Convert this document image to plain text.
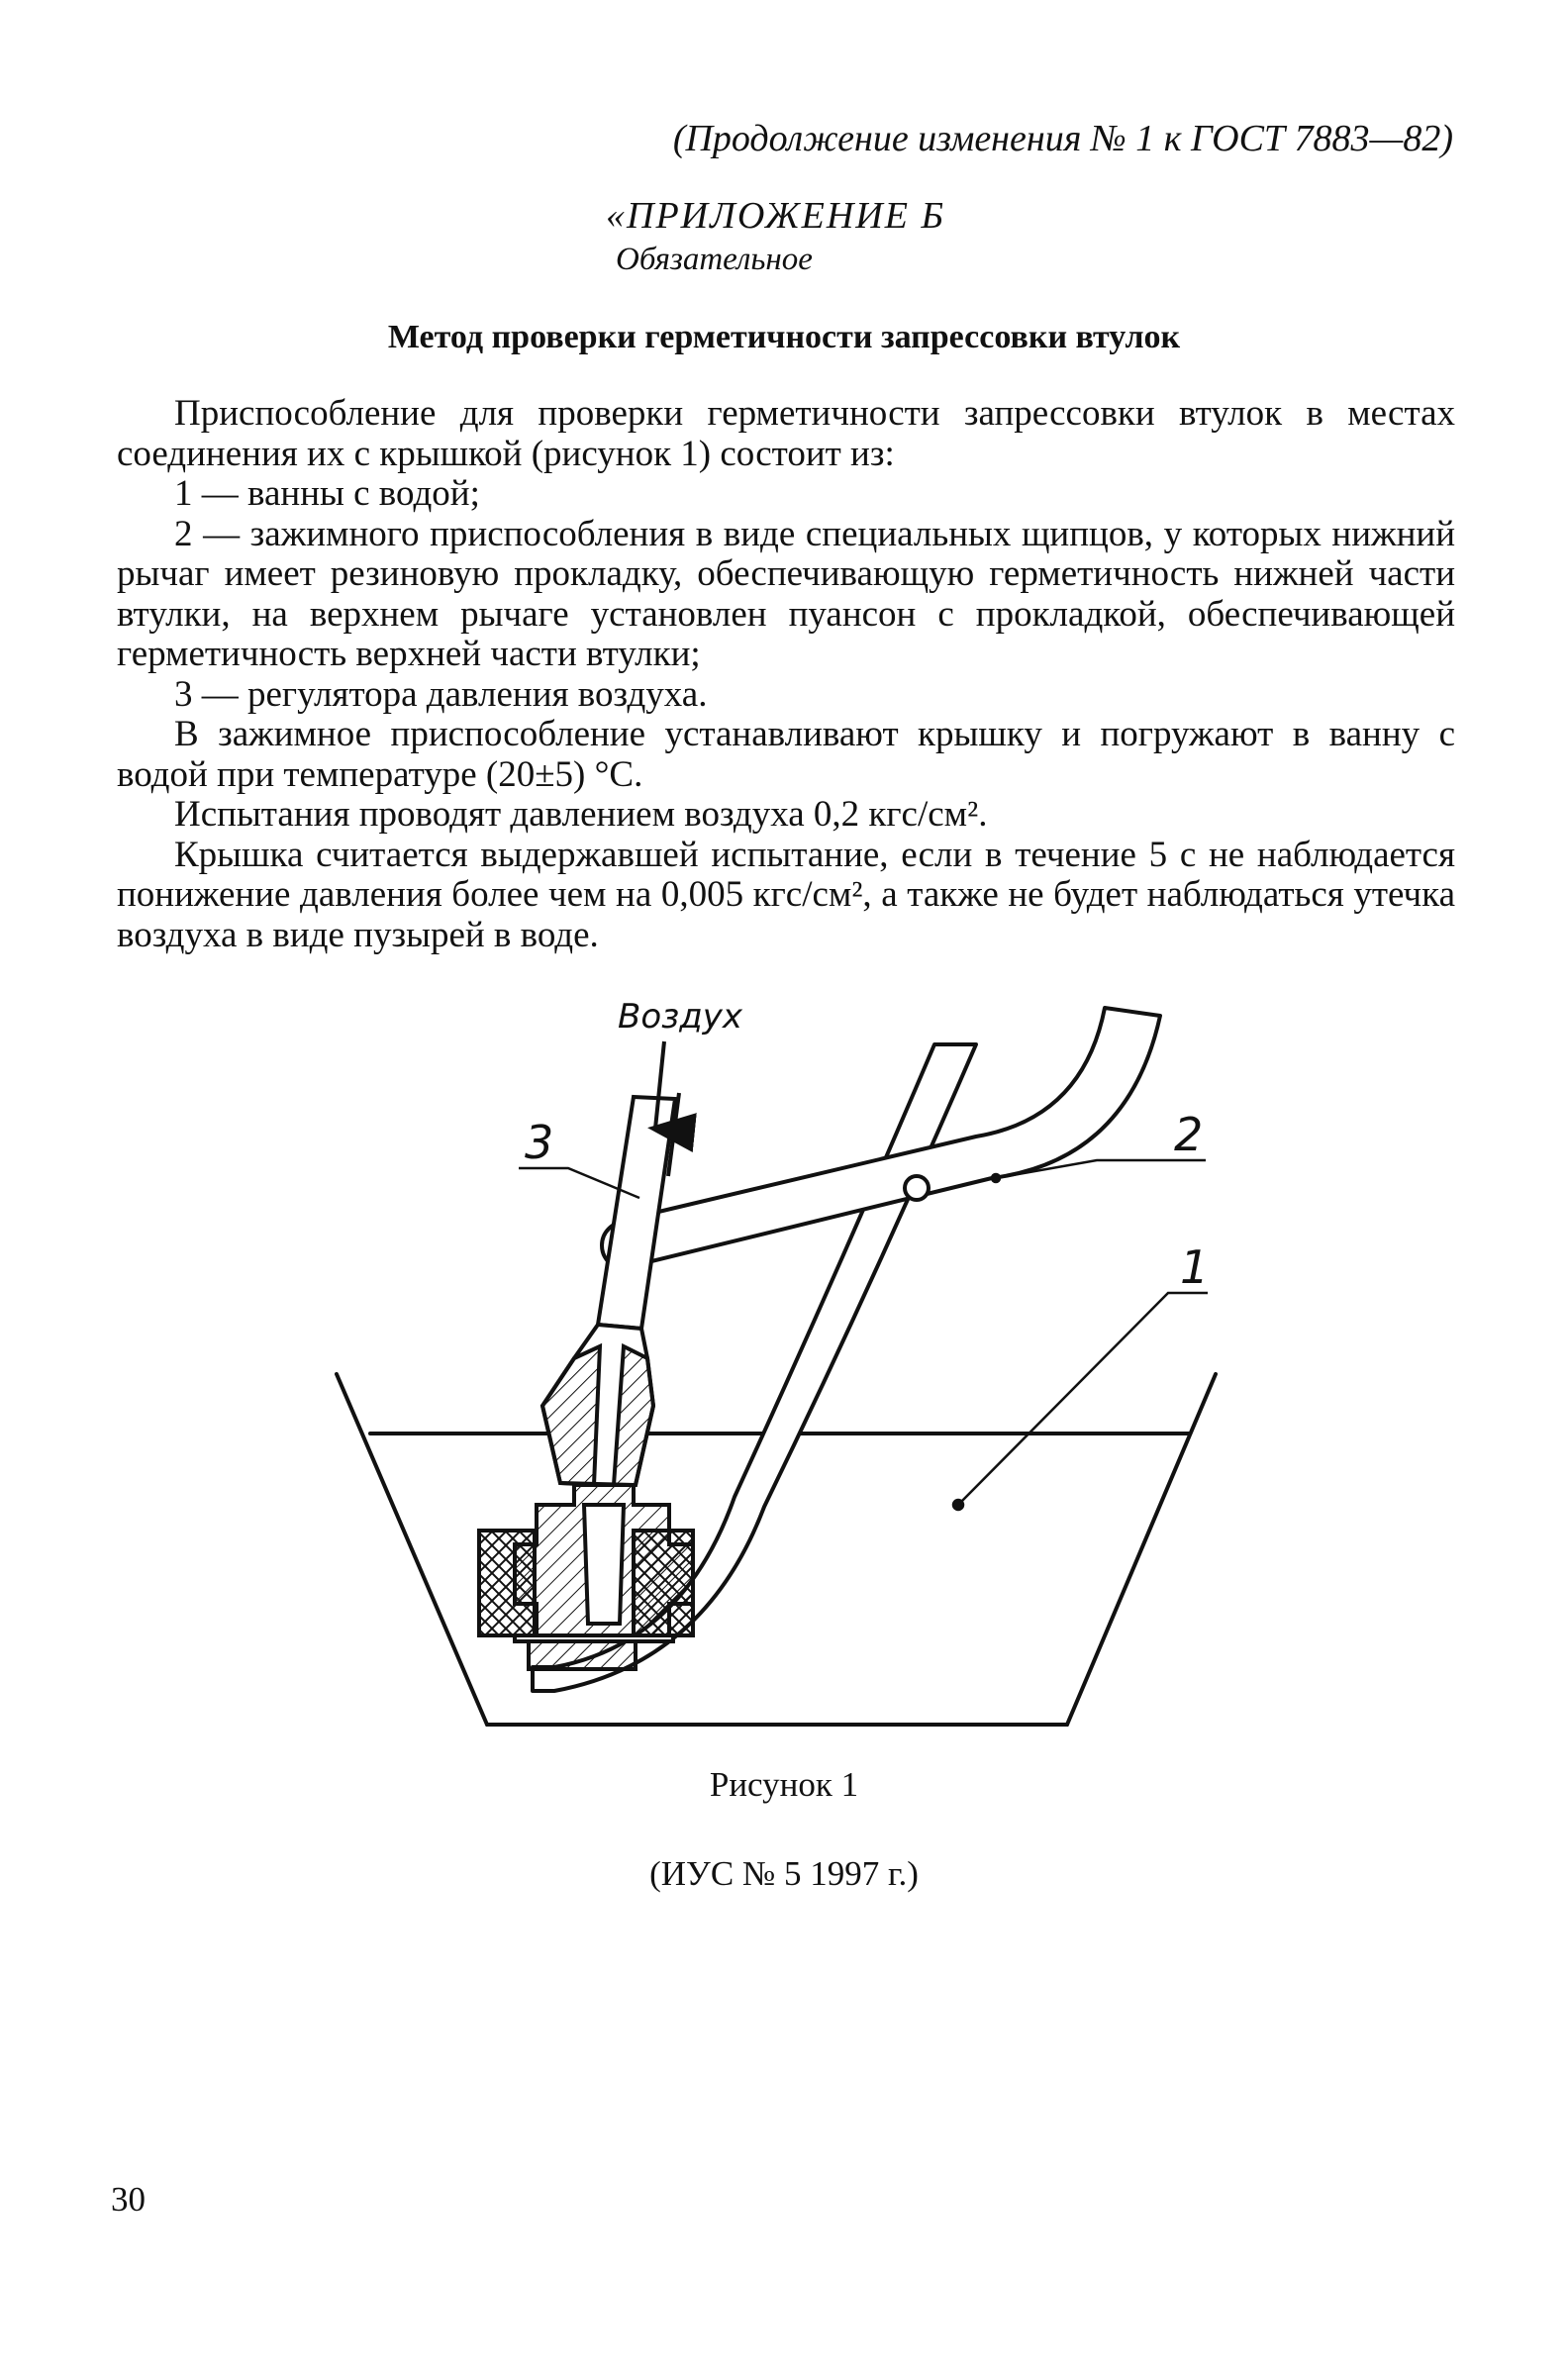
(Продолжение изменения № 1 к ГОСТ 7883—82)
«ПРИЛОЖЕНИЕ Б
Обязательное
Метод проверки герметичности запрессовки втулок

Приспособление для проверки герметичности запрессовки втулок в местах соединения их с крышкой (рисунок 1) состоит из:

1 — ванны с водой;

2 — зажимного приспособления в виде специальных щипцов, у которых нижний рычаг имеет резиновую прокладку, обеспечивающую герметичность нижней части втулки, на верхнем рычаге установлен пуансон с прокладкой, обеспечивающей герметичность верхней части втулки;

3 — регулятора давления воздуха.

В зажимное приспособление устанавливают крышку и погружают в ванну с водой при температуре (20±5) °С.

Испытания проводят давлением воздуха 0,2 кгс/см².

Крышка считается выдержавшей испытание, если в течение 5 с не наблюдается понижение давления более чем на 0,005 кгс/см², а также не будет наблюдаться утечка воздуха в виде пузырей в воде.

Воздух
3	2
1
Рисунок 1
(ИУС № 5 1997 г.)
30
